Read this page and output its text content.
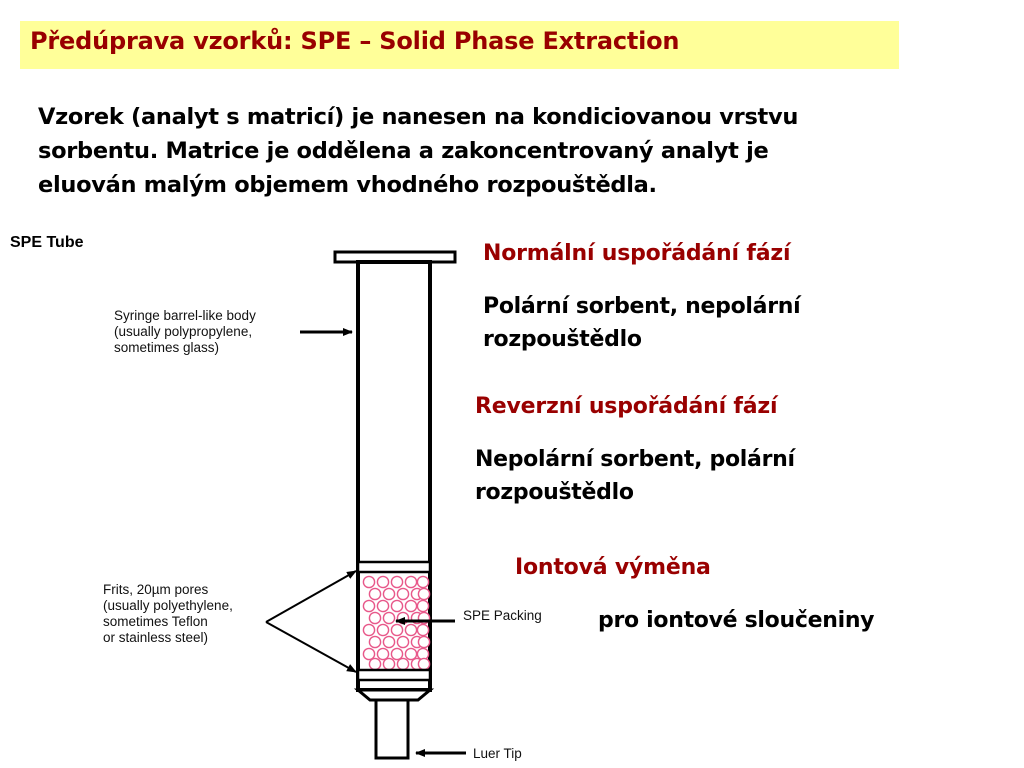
Předúprava vzorků: SPE – Solid Phase Extraction
Vzorek (analyt s matricí) je nanesen na kondiciovanou vrstvu
sorbentu. Matrice je oddělena a zakoncentrovaný analyt je
eluován malým objemem vhodného rozpouštědla.
Normální uspořádání fází
Polární sorbent, nepolární
rozpouštědlo
Reverzní uspořádání fází
Nepolární sorbent, polární
rozpouštědlo
Iontová výměna
pro iontové sloučeniny
SPE Tube
Syringe barrel-like body
(usually polypropylene,
sometimes glass)
Frits, 20µm pores
(usually polyethylene,
sometimes Teflon
or stainless steel)
SPE Packing
Luer Tip
